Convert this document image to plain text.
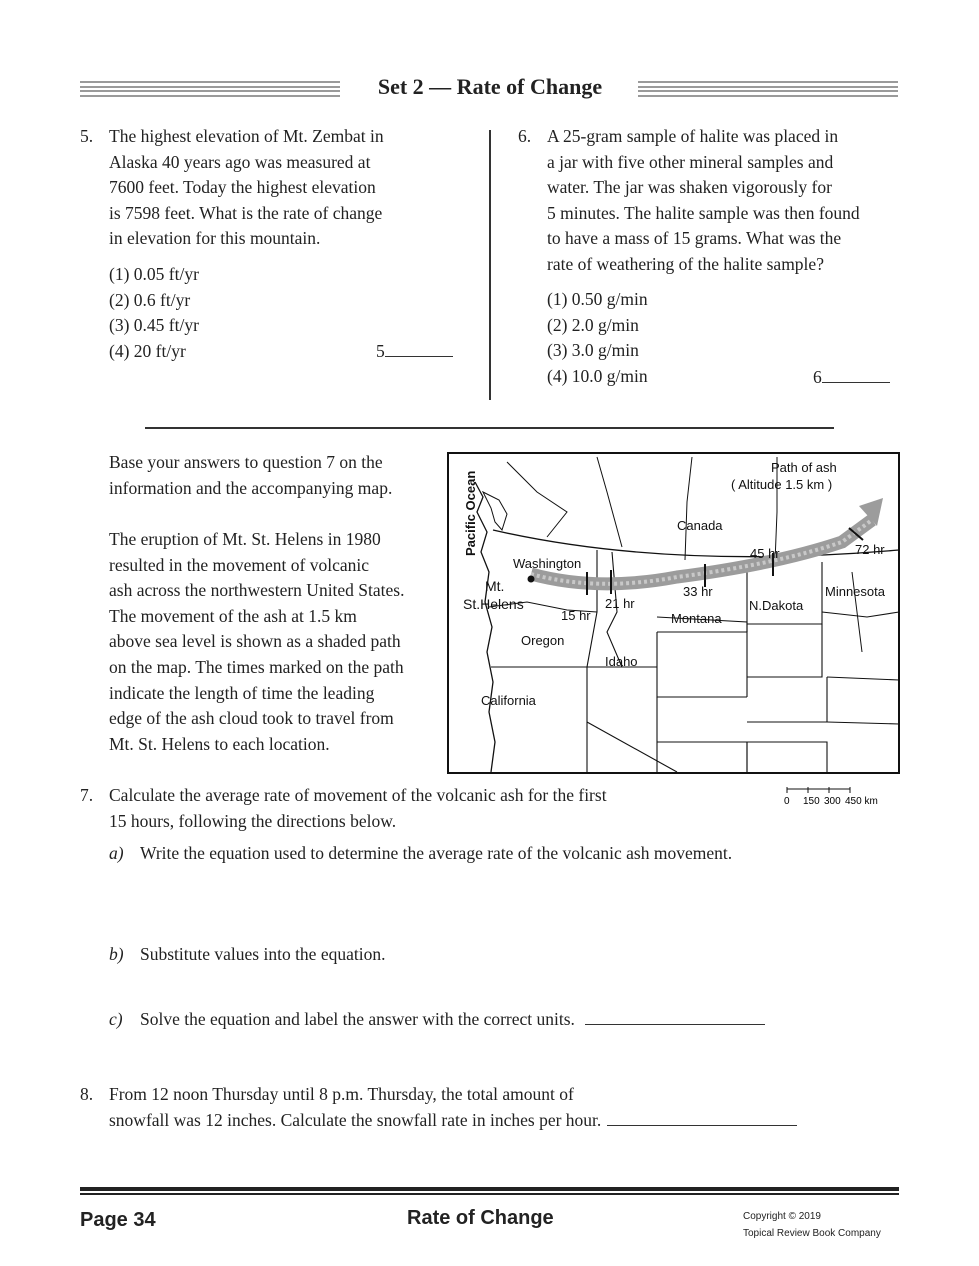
Set 2 — Rate of Change
5. The highest elevation of Mt. Zembat in
Alaska 40 years ago was measured at
7600 feet. Today the highest elevation
is 7598 feet. What is the rate of change
in elevation for this mountain.
(1) 0.05 ft/yr
(2) 0.6 ft/yr
(3) 0.45 ft/yr
(4) 20 ft/yr	5
6. A 25-gram sample of halite was placed in
a jar with five other mineral samples and
water. The jar was shaken vigorously for
5 minutes. The halite sample was then found
to have a mass of 15 grams. What was the
rate of weathering of the halite sample?
(1) 0.50 g/min
(2) 2.0 g/min
(3) 3.0 g/min
(4) 10.0 g/min	6
Base your answers to question 7 on the
information and the accompanying map.
The eruption of Mt. St. Helens in 1980
resulted in the movement of volcanic
ash across the northwestern United States.
The movement of the ash at 1.5 km
above sea level is shown as a shaded path
on the map. The times marked on the path
indicate the length of time the leading
edge of the ash cloud took to travel from
Mt. St. Helens to each location.
Path of ash
( Altitude 1.5 km )
Pacific Ocean	Canada
Washington
Mt.
St.Helens
Oregon
Idaho
Montana
N.Dakota
Minnesota
California
15 hr
21 hr
33 hr
45 hr	72 hr
0 150 300 450 km
7. Calculate the average rate of movement of the volcanic ash for the first
15 hours, following the directions below.
a) Write the equation used to determine the average rate of the volcanic ash movement.
b) Substitute values into the equation.
c) Solve the equation and label the answer with the correct units.
8. From 12 noon Thursday until 8 p.m. Thursday, the total amount of
snowfall was 12 inches. Calculate the snowfall rate in inches per hour.
Page 34	Rate of Change	Copyright © 2019
Topical Review Book Company
